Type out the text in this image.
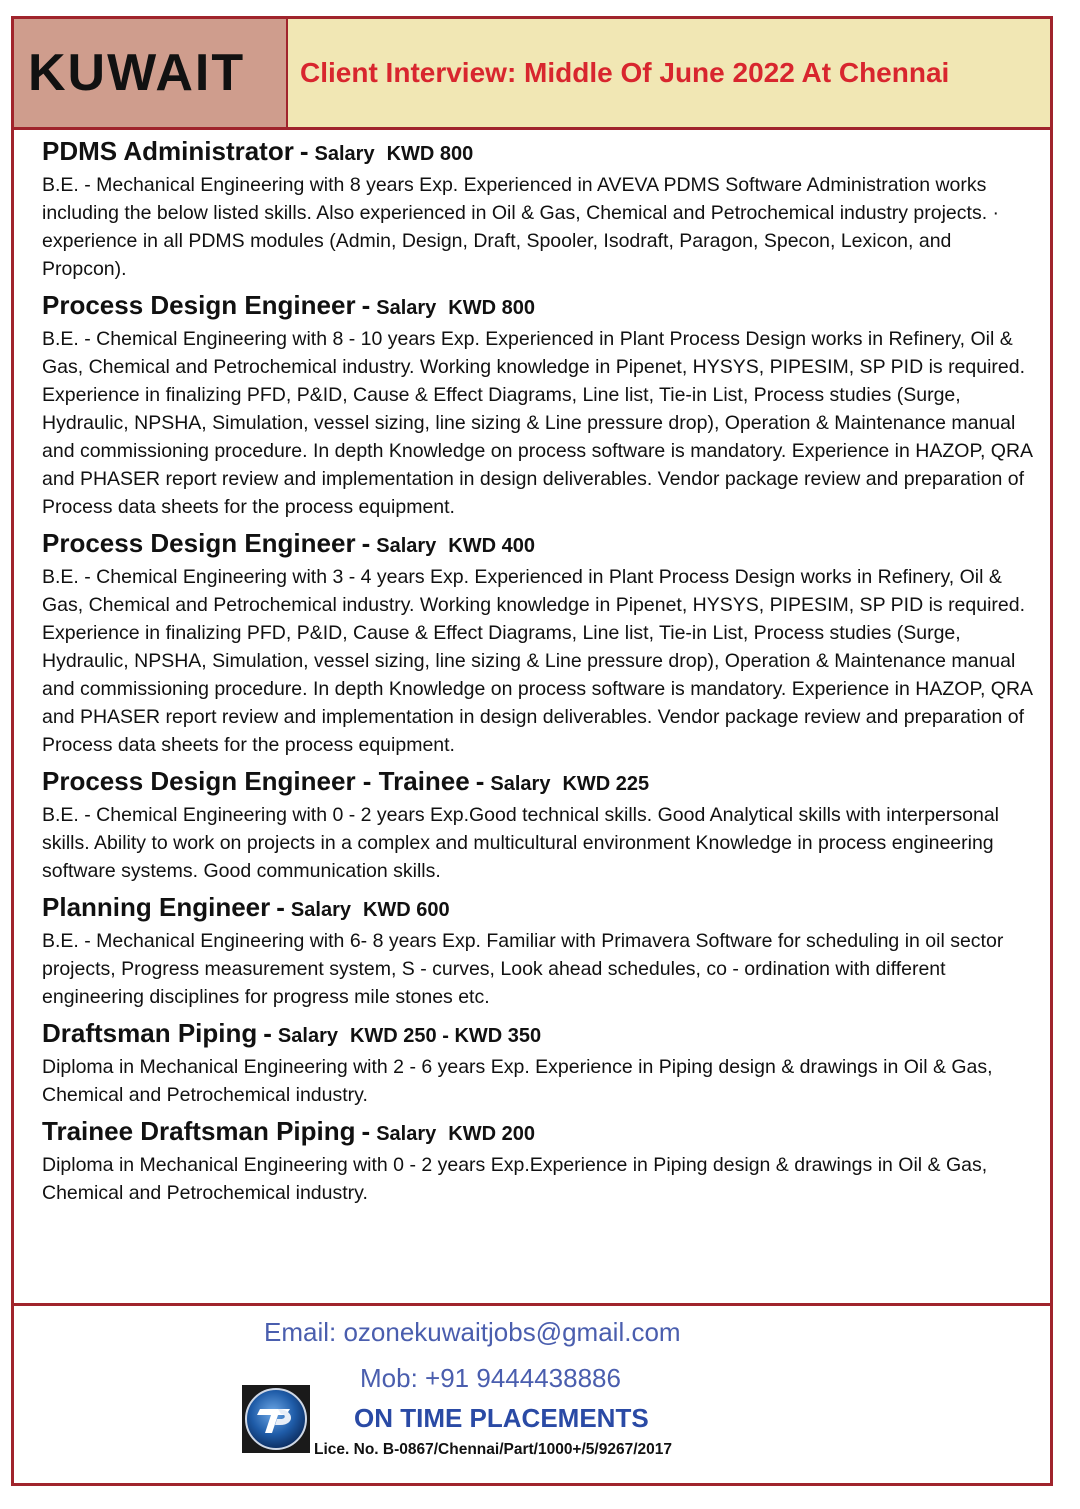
KUWAIT Client Interview: Middle Of June 2022 At Chennai
PDMS Administrator - Salary KWD 800

B.E. - Mechanical Engineering with 8 years Exp. Experienced in AVEVA PDMS Software Administration works including the below listed skills. Also experienced in Oil & Gas, Chemical and Petrochemical industry projects. · experience in all PDMS modules (Admin, Design, Draft, Spooler, Isodraft, Paragon, Specon, Lexicon, and Propcon).

Process Design Engineer - Salary KWD 800

B.E. - Chemical Engineering with 8 - 10 years Exp. Experienced in Plant Process Design works in Refinery, Oil & Gas, Chemical and Petrochemical industry. Working knowledge in Pipenet, HYSYS, PIPESIM, SP PID is required. Experience in finalizing PFD, P&ID, Cause & Effect Diagrams, Line list, Tie-in List, Process studies (Surge, Hydraulic, NPSHA, Simulation, vessel sizing, line sizing & Line pressure drop), Operation & Maintenance manual and commissioning procedure. In depth Knowledge on process software is mandatory. Experience in HAZOP, QRA and PHASER report review and implementation in design deliverables. Vendor package review and preparation of Process data sheets for the process equipment.

Process Design Engineer - Salary KWD 400

B.E. - Chemical Engineering with 3 - 4 years Exp. Experienced in Plant Process Design works in Refinery, Oil & Gas, Chemical and Petrochemical industry. Working knowledge in Pipenet, HYSYS, PIPESIM, SP PID is required. Experience in finalizing PFD, P&ID, Cause & Effect Diagrams, Line list, Tie-in List, Process studies (Surge, Hydraulic, NPSHA, Simulation, vessel sizing, line sizing & Line pressure drop), Operation & Maintenance manual and commissioning procedure. In depth Knowledge on process software is mandatory. Experience in HAZOP, QRA and PHASER report review and implementation in design deliverables. Vendor package review and preparation of Process data sheets for the process equipment.

Process Design Engineer - Trainee - Salary KWD 225

B.E. - Chemical Engineering with 0 - 2 years Exp.Good technical skills. Good Analytical skills with interpersonal skills. Ability to work on projects in a complex and multicultural environment Knowledge in process engineering software systems. Good communication skills.

Planning Engineer - Salary KWD 600

B.E. - Mechanical Engineering with 6- 8 years Exp. Familiar with Primavera Software for scheduling in oil sector projects, Progress measurement system, S - curves, Look ahead schedules, co - ordination with different engineering disciplines for progress mile stones etc.

Draftsman Piping - Salary KWD 250 - KWD 350

Diploma in Mechanical Engineering with 2 - 6 years Exp. Experience in Piping design & drawings in Oil & Gas, Chemical and Petrochemical industry.

Trainee Draftsman Piping - Salary KWD 200

Diploma in Mechanical Engineering with 0 - 2 years Exp.Experience in Piping design & drawings in Oil & Gas, Chemical and Petrochemical industry.

Email: ozonekuwaitjobs@gmail.com
Mob: +91 9444438886
ON TIME PLACEMENTS
Lice. No. B-0867/Chennai/Part/1000+/5/9267/2017
